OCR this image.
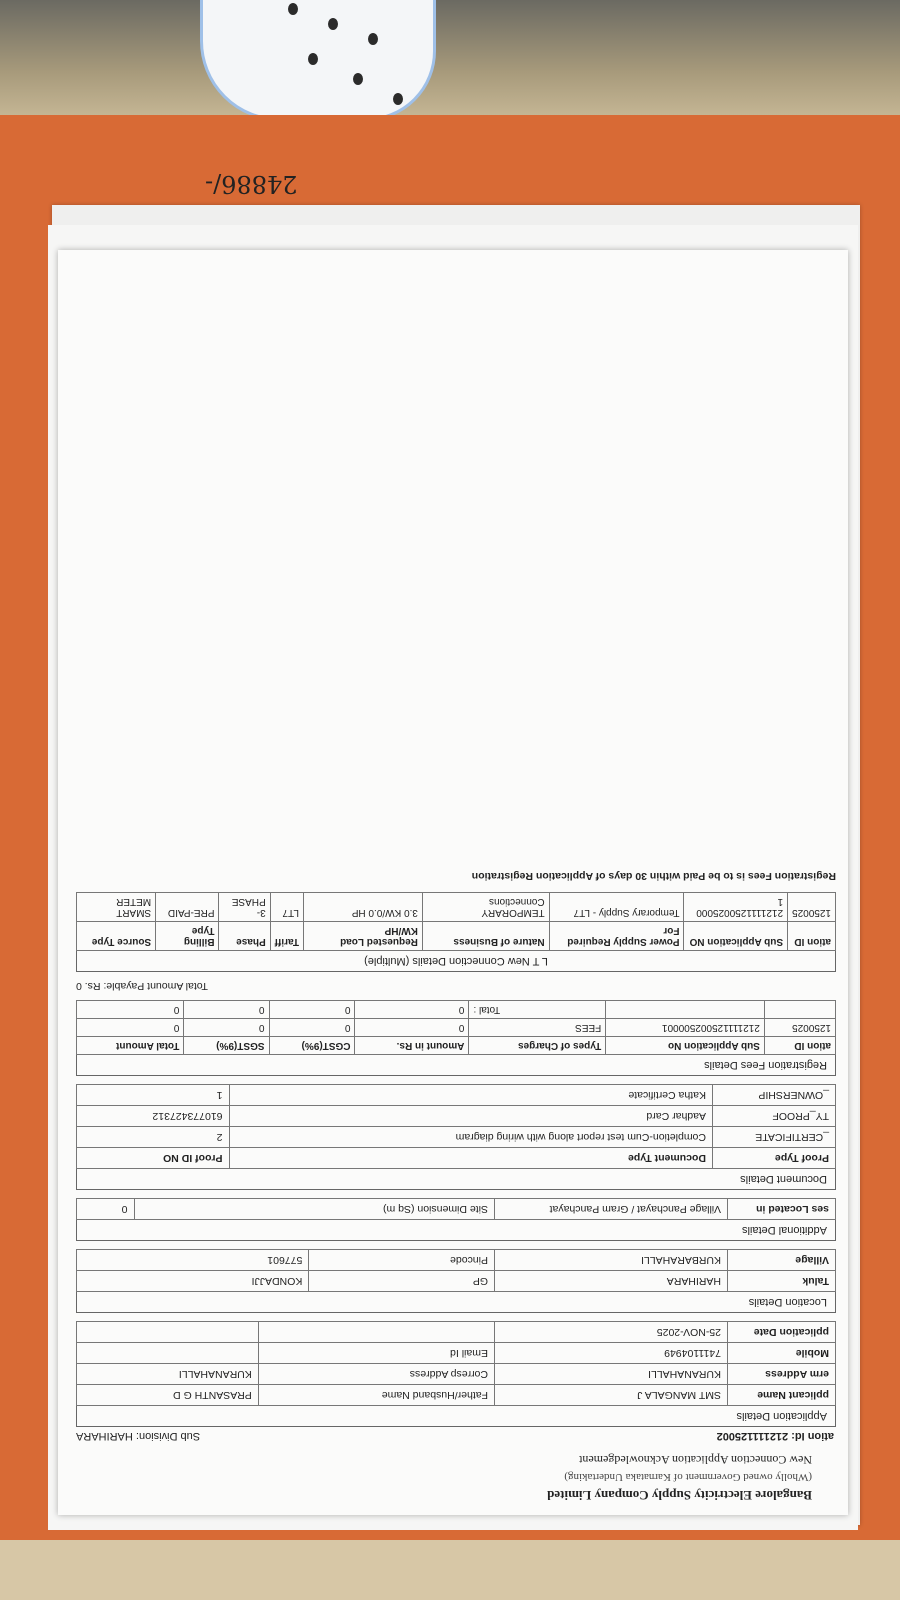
24886/-
Bangalore Electricity Supply Company Limited
(Wholly owned Government of Karnataka Undertaking)
New Connection Application Acknowledgement
ation Id: 212111125002
Sub Division: HARIHARA
Application Details
pplicant Name	SMT MANGALA J	Father/Husband Name	PRASANTH G D
erm Address	KURANAHALLI	Corresp Address	KURANAHALLI
Mobile	7411104949	Email Id	
pplication Date	25-NOV-2025		
Location Details
Taluk	HARIHARA	GP	KONDAJJI
Village	KURBARAHALLI	Pincode	577601
Additional Details
ses Located in	Village Panchayat / Gram Panchayat	Site Dimension (Sq m)	0
Document Details
Proof Type	Document Type	Proof ID NO
_CERTIFICATE	Completion-Cum test report along with wiring diagram	2
TY_PROOF	Aadhar Card	610773427312
_OWNERSHIP	Katha Certificate	1
Registration Fees Details
ation ID	Sub Application No	Types of Charges	Amount in Rs.	CGST(9%)	SGST(9%)	Total Amount
1250025	212111125002500001	FEES	0	0	0	0
		Total :	0	0	0	0
Total Amount Payable: Rs. 0
L T New Connection Details (Multiple)
ation ID	Sub Application NO	Power Supply Required For	Nature of Business	Requested Load KW/HP	Tariff	Phase	Billing Type	Source Type
1250025	2121111250025000 1	Temporary Supply - LT7	TEMPORARY Connections	3.0 KW/0.0 HP	LT7	3-PHASE	PRE-PAID	SMART METER
Registration Fees is to be Paid within 30 days of Application Registration
